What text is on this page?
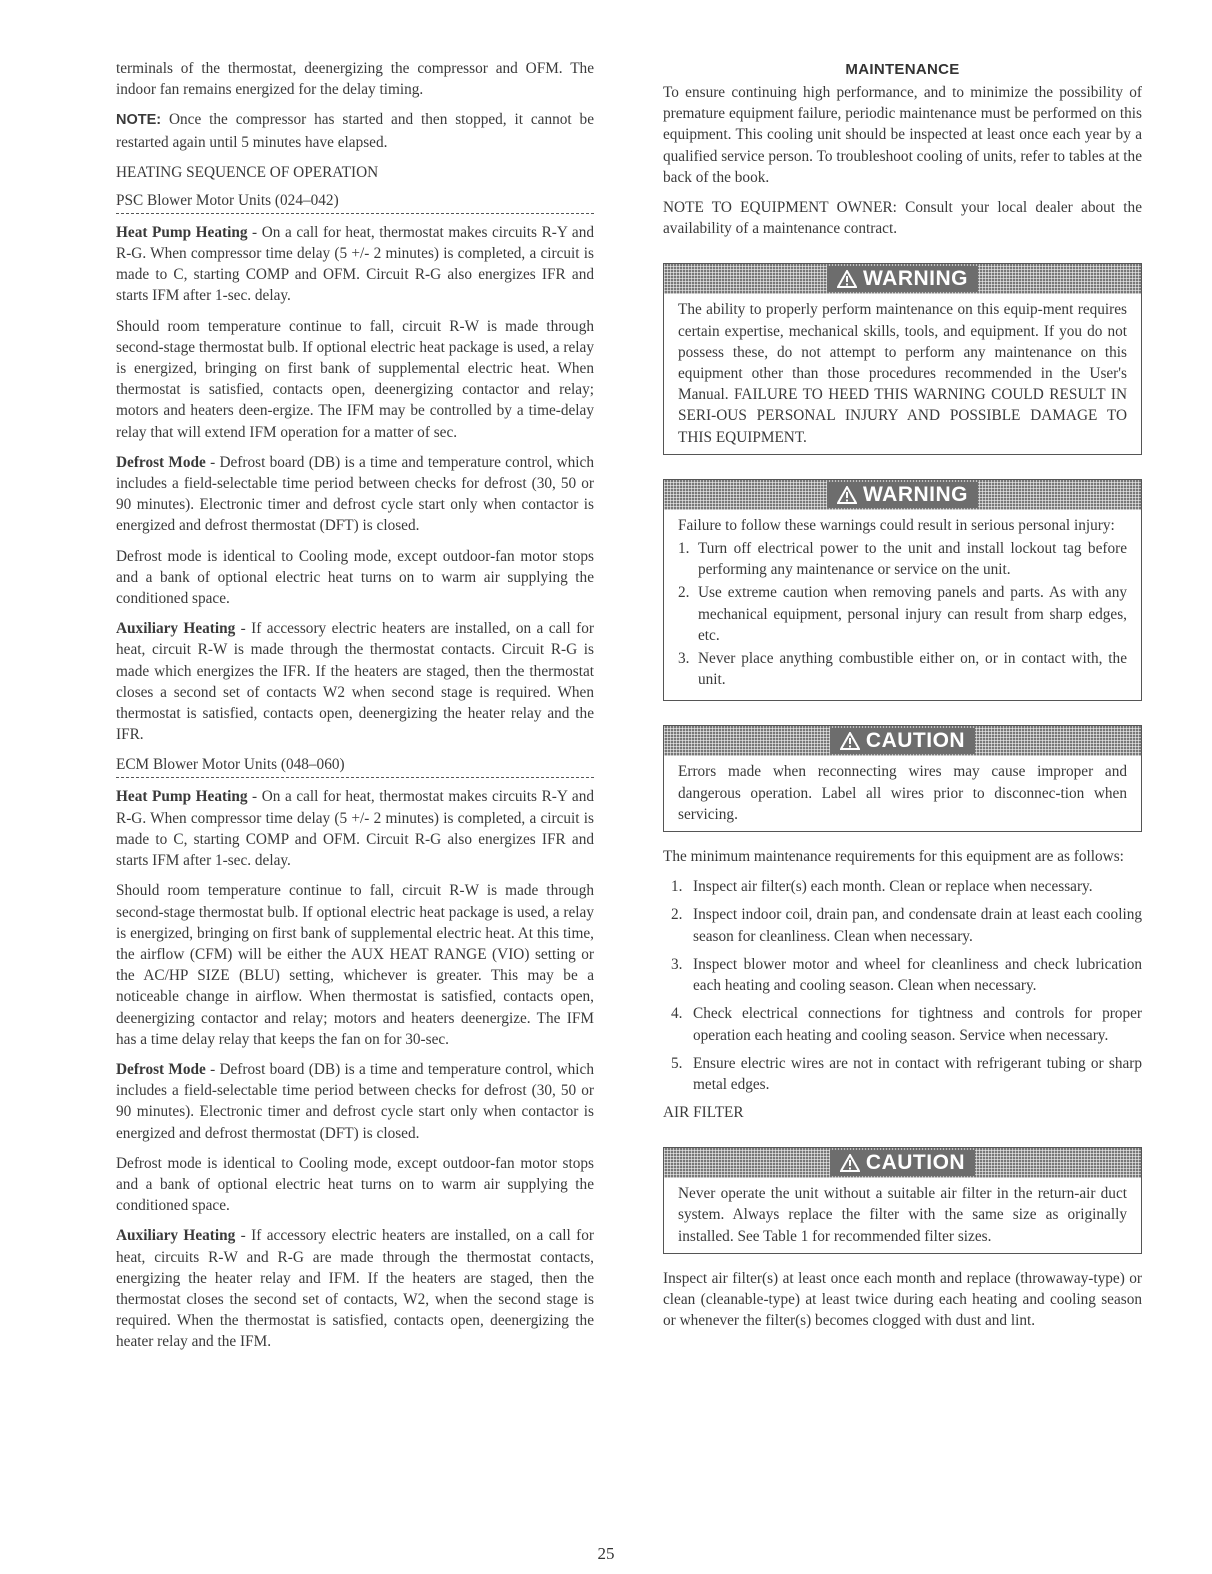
terminals of the thermostat, deenergizing the compressor and OFM. The indoor fan remains energized for the delay timing.

NOTE: Once the compressor has started and then stopped, it cannot be restarted again until 5 minutes have elapsed.

HEATING SEQUENCE OF OPERATION
PSC Blower Motor Units (024–042)

Heat Pump Heating - On a call for heat, thermostat makes circuits R-Y and R-G. When compressor time delay (5 +/- 2 minutes) is completed, a circuit is made to C, starting COMP and OFM. Circuit R-G also energizes IFR and starts IFM after 1-sec. delay.

Should room temperature continue to fall, circuit R-W is made through second-stage thermostat bulb. If optional electric heat package is used, a relay is energized, bringing on first bank of supplemental electric heat. When thermostat is satisfied, contacts open, deenergizing contactor and relay; motors and heaters deen-ergize. The IFM may be controlled by a time-delay relay that will extend IFM operation for a matter of sec.

Defrost Mode - Defrost board (DB) is a time and temperature control, which includes a field-selectable time period between checks for defrost (30, 50 or 90 minutes). Electronic timer and defrost cycle start only when contactor is energized and defrost thermostat (DFT) is closed.

Defrost mode is identical to Cooling mode, except outdoor-fan motor stops and a bank of optional electric heat turns on to warm air supplying the conditioned space.

Auxiliary Heating - If accessory electric heaters are installed, on a call for heat, circuit R-W is made through the thermostat contacts. Circuit R-G is made which energizes the IFR. If the heaters are staged, then the thermostat closes a second set of contacts W2 when second stage is required. When thermostat is satisfied, contacts open, deenergizing the heater relay and the IFR.

ECM Blower Motor Units (048–060)

Heat Pump Heating - On a call for heat, thermostat makes circuits R-Y and R-G. When compressor time delay (5 +/- 2 minutes) is completed, a circuit is made to C, starting COMP and OFM. Circuit R-G also energizes IFR and starts IFM after 1-sec. delay.

Should room temperature continue to fall, circuit R-W is made through second-stage thermostat bulb. If optional electric heat package is used, a relay is energized, bringing on first bank of supplemental electric heat. At this time, the airflow (CFM) will be either the AUX HEAT RANGE (VIO) setting or the AC/HP SIZE (BLU) setting, whichever is greater. This may be a noticeable change in airflow. When thermostat is satisfied, contacts open, deenergizing contactor and relay; motors and heaters deenergize. The IFM has a time delay relay that keeps the fan on for 30-sec.

Defrost Mode - Defrost board (DB) is a time and temperature control, which includes a field-selectable time period between checks for defrost (30, 50 or 90 minutes). Electronic timer and defrost cycle start only when contactor is energized and defrost thermostat (DFT) is closed.

Defrost mode is identical to Cooling mode, except outdoor-fan motor stops and a bank of optional electric heat turns on to warm air supplying the conditioned space.

Auxiliary Heating - If accessory electric heaters are installed, on a call for heat, circuits R-W and R-G are made through the thermostat contacts, energizing the heater relay and IFM. If the heaters are staged, then the thermostat closes the second set of contacts, W2, when the second stage is required. When the thermostat is satisfied, contacts open, deenergizing the heater relay and the IFM.

MAINTENANCE

To ensure continuing high performance, and to minimize the possibility of premature equipment failure, periodic maintenance must be performed on this equipment. This cooling unit should be inspected at least once each year by a qualified service person. To troubleshoot cooling of units, refer to tables at the back of the book.

NOTE TO EQUIPMENT OWNER: Consult your local dealer about the availability of a maintenance contract.

WARNING

The ability to properly perform maintenance on this equip-ment requires certain expertise, mechanical skills, tools, and equipment. If you do not possess these, do not attempt to perform any maintenance on this equipment other than those procedures recommended in the User's Manual. FAILURE TO HEED THIS WARNING COULD RESULT IN SERI-OUS PERSONAL INJURY AND POSSIBLE DAMAGE TO THIS EQUIPMENT.

WARNING

Failure to follow these warnings could result in serious personal injury:

1. Turn off electrical power to the unit and install lockout tag before performing any maintenance or service on the unit.
2. Use extreme caution when removing panels and parts. As with any mechanical equipment, personal injury can result from sharp edges, etc.
3. Never place anything combustible either on, or in contact with, the unit.
CAUTION

Errors made when reconnecting wires may cause improper and dangerous operation. Label all wires prior to disconnec-tion when servicing.

The minimum maintenance requirements for this equipment are as follows:

1. Inspect air filter(s) each month. Clean or replace when necessary.
2. Inspect indoor coil, drain pan, and condensate drain at least each cooling season for cleanliness. Clean when necessary.
3. Inspect blower motor and wheel for cleanliness and check lubrication each heating and cooling season. Clean when necessary.
4. Check electrical connections for tightness and controls for proper operation each heating and cooling season. Service when necessary.
5. Ensure electric wires are not in contact with refrigerant tubing or sharp metal edges.
AIR FILTER
CAUTION

Never operate the unit without a suitable air filter in the return-air duct system. Always replace the filter with the same size as originally installed. See Table 1 for recommended filter sizes.

Inspect air filter(s) at least once each month and replace (throwaway-type) or clean (cleanable-type) at least twice during each heating and cooling season or whenever the filter(s) becomes clogged with dust and lint.

25
